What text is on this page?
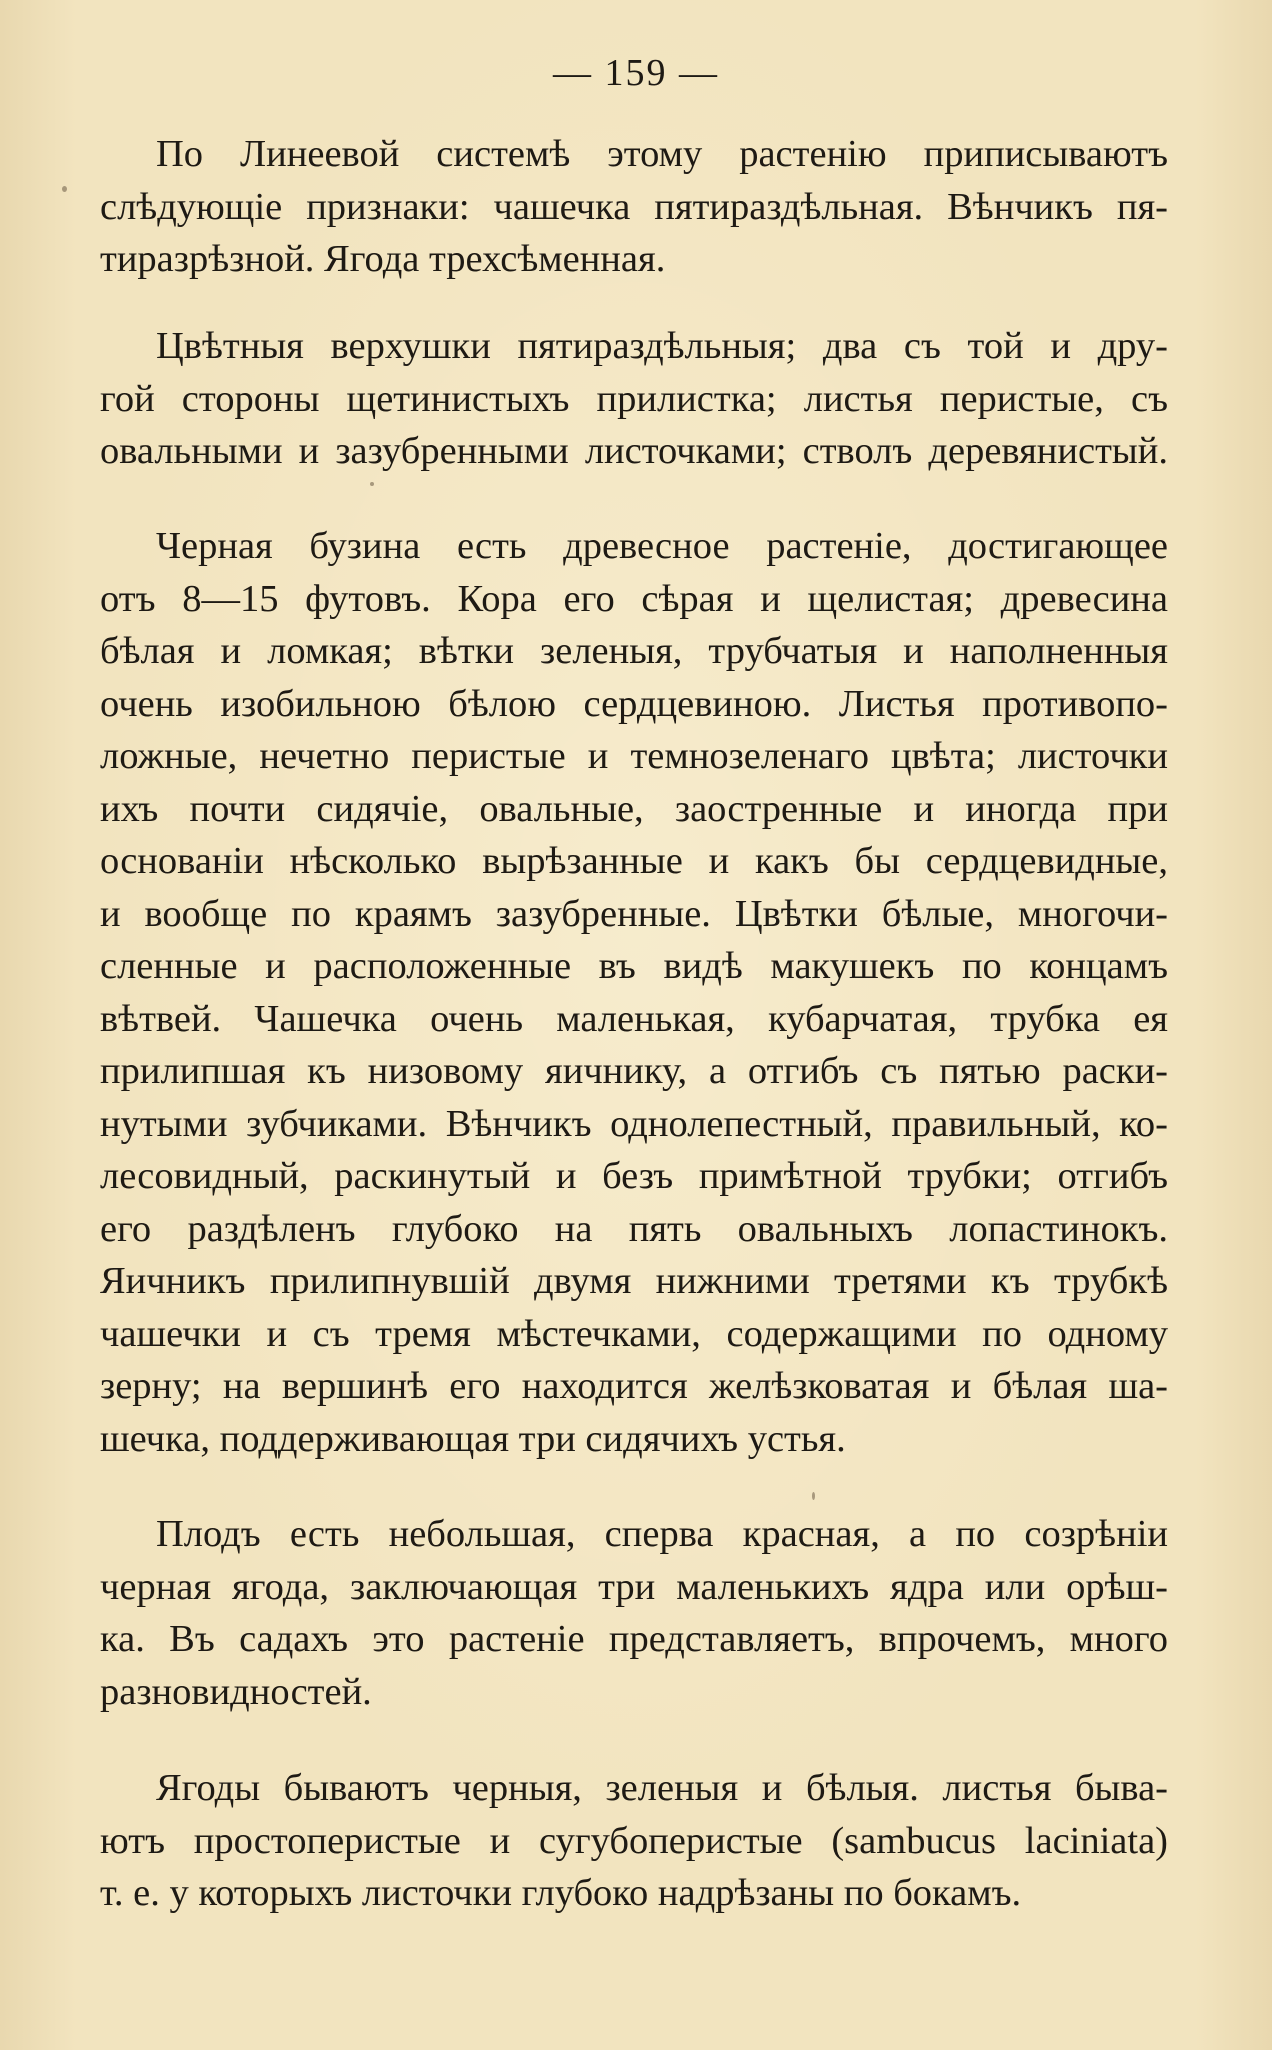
— 159 —
По Линеевой системѣ этому растенію приписываютъ
слѣдующіе признаки: чашечка пятираздѣльная. Вѣнчикъ пя-
тиразрѣзной. Ягода трехсѣменная.
Цвѣтныя верхушки пятираздѣльныя; два съ той и дру-
гой стороны щетинистыхъ прилистка; листья перистые, съ
овальными и зазубренными листочками; стволъ деревянистый.
Черная бузина есть древесное растеніе, достигающее
отъ 8—15 футовъ. Кора его сѣрая и щелистая; древесина
бѣлая и ломкая; вѣтки зеленыя, трубчатыя и наполненныя
очень изобильною бѣлою сердцевиною. Листья противопо-
ложные, нечетно перистые и темнозеленаго цвѣта; листочки
ихъ почти сидячіе, овальные, заостренные и иногда при
основаніи нѣсколько вырѣзанные и какъ бы сердцевидные,
и вообще по краямъ зазубренные. Цвѣтки бѣлые, многочи-
сленные и расположенные въ видѣ макушекъ по концамъ
вѣтвей. Чашечка очень маленькая, кубарчатая, трубка ея
прилипшая къ низовому яичнику, а отгибъ съ пятью раски-
нутыми зубчиками. Вѣнчикъ однолепестный, правильный, ко-
лесовидный, раскинутый и безъ примѣтной трубки; отгибъ
его раздѣленъ глубоко на пять овальныхъ лопастинокъ.
Яичникъ прилипнувшій двумя нижними третями къ трубкѣ
чашечки и съ тремя мѣстечками, содержащими по одному
зерну; на вершинѣ его находится желѣзковатая и бѣлая ша-
шечка, поддерживающая три сидячихъ устья.
Плодъ есть небольшая, сперва красная, а по созрѣніи
черная ягода, заключающая три маленькихъ ядра или орѣш-
ка. Въ садахъ это растеніе представляетъ, впрочемъ, много
разновидностей.
Ягоды бываютъ черныя, зеленыя и бѣлыя. листья быва-
ютъ простоперистые и сугубоперистые (sambucus laciniata)
т. е. у которыхъ листочки глубоко надрѣзаны по бокамъ.
